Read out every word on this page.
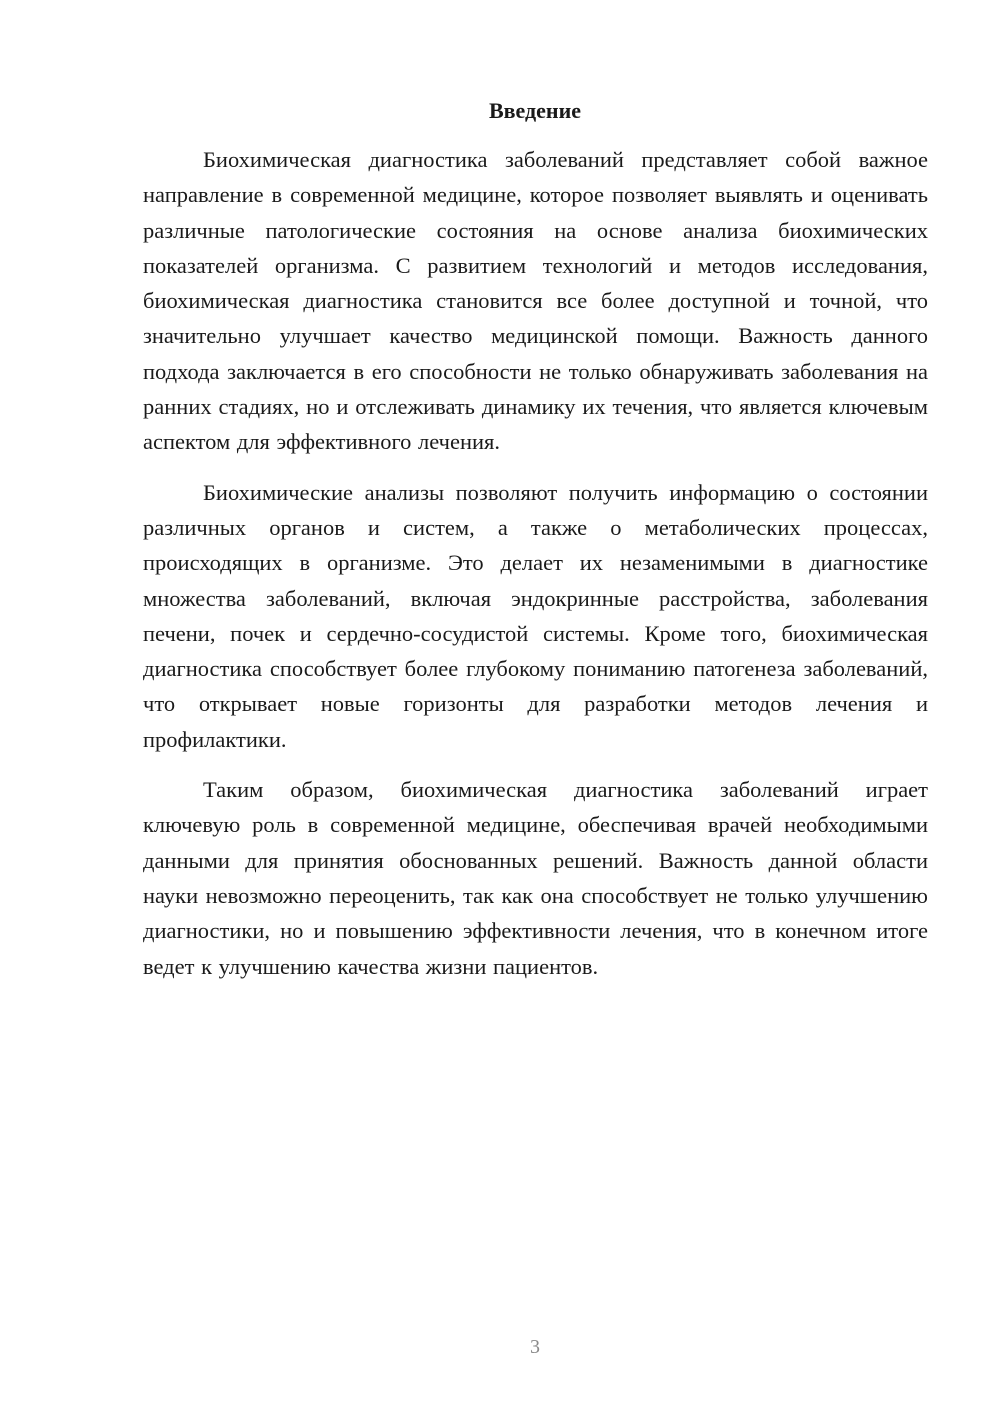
Введение

Биохимическая диагностика заболеваний представляет собой важное направление в современной медицине, которое позволяет выявлять и оценивать различные патологические состояния на основе анализа биохимических показателей организма. С развитием технологий и методов исследования, биохимическая диагностика становится все более доступной и точной, что значительно улучшает качество медицинской помощи. Важность данного подхода заключается в его способности не только обнаруживать заболевания на ранних стадиях, но и отслеживать динамику их течения, что является ключевым аспектом для эффективного лечения.

Биохимические анализы позволяют получить информацию о состоянии различных органов и систем, а также о метаболических процессах, происходящих в организме. Это делает их незаменимыми в диагностике множества заболеваний, включая эндокринные расстройства, заболевания печени, почек и сердечно-сосудистой системы. Кроме того, биохимическая диагностика способствует более глубокому пониманию патогенеза заболеваний, что открывает новые горизонты для разработки методов лечения и профилактики.

Таким образом, биохимическая диагностика заболеваний играет ключевую роль в современной медицине, обеспечивая врачей необходимыми данными для принятия обоснованных решений. Важность данной области науки невозможно переоценить, так как она способствует не только улучшению диагностики, но и повышению эффективности лечения, что в конечном итоге ведет к улучшению качества жизни пациентов.

3
